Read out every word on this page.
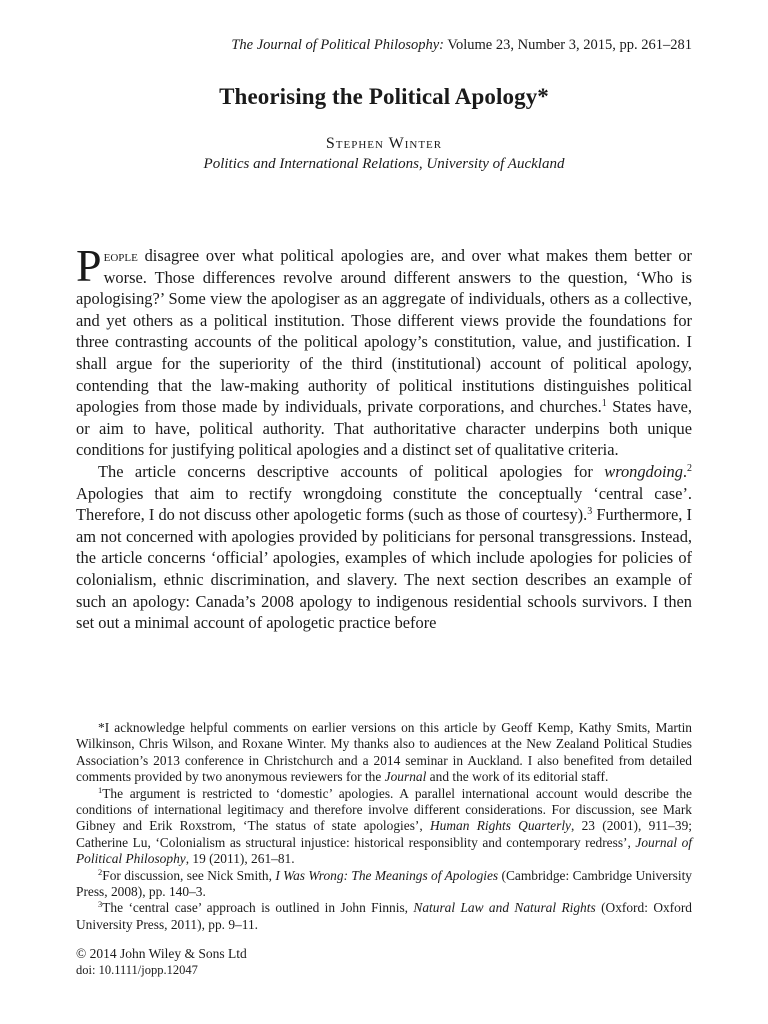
The Journal of Political Philosophy: Volume 23, Number 3, 2015, pp. 261–281
Theorising the Political Apology*
Stephen Winter
Politics and International Relations, University of Auckland

People disagree over what political apologies are, and over what makes them better or worse. Those differences revolve around different answers to the question, ‘Who is apologising?’ Some view the apologiser as an aggregate of individuals, others as a collective, and yet others as a political institution. Those different views provide the foundations for three contrasting accounts of the political apology’s constitution, value, and justification. I shall argue for the superiority of the third (institutional) account of political apology, contending that the law-making authority of political institutions distinguishes political apologies from those made by individuals, private corporations, and churches.$^1$ States have, or aim to have, political authority. That authoritative character underpins both unique conditions for justifying political apologies and a distinct set of qualitative criteria.

The article concerns descriptive accounts of political apologies for wrongdoing.$^2$ Apologies that aim to rectify wrongdoing constitute the conceptually ‘central case’. Therefore, I do not discuss other apologetic forms (such as those of courtesy).$^3$ Furthermore, I am not concerned with apologies provided by politicians for personal transgressions. Instead, the article concerns ‘official’ apologies, examples of which include apologies for policies of colonialism, ethnic discrimination, and slavery. The next section describes an example of such an apology: Canada’s 2008 apology to indigenous residential schools survivors. I then set out a minimal account of apologetic practice before

*I acknowledge helpful comments on earlier versions on this article by Geoff Kemp, Kathy Smits, Martin Wilkinson, Chris Wilson, and Roxane Winter. My thanks also to audiences at the New Zealand Political Studies Association’s 2013 conference in Christchurch and a 2014 seminar in Auckland. I also benefited from detailed comments provided by two anonymous reviewers for the Journal and the work of its editorial staff.

$^1$The argument is restricted to ‘domestic’ apologies. A parallel international account would describe the conditions of international legitimacy and therefore involve different considerations. For discussion, see Mark Gibney and Erik Roxstrom, ‘The status of state apologies’, Human Rights Quarterly, 23 (2001), 911–39; Catherine Lu, ‘Colonialism as structural injustice: historical responsiblity and contemporary redress’, Journal of Political Philosophy, 19 (2011), 261–81.

$^2$For discussion, see Nick Smith, I Was Wrong: The Meanings of Apologies (Cambridge: Cambridge University Press, 2008), pp. 140–3.

$^3$The ‘central case’ approach is outlined in John Finnis, Natural Law and Natural Rights (Oxford: Oxford University Press, 2011), pp. 9–11.

© 2014 John Wiley & Sons Ltd
doi: 10.1111/jopp.12047
